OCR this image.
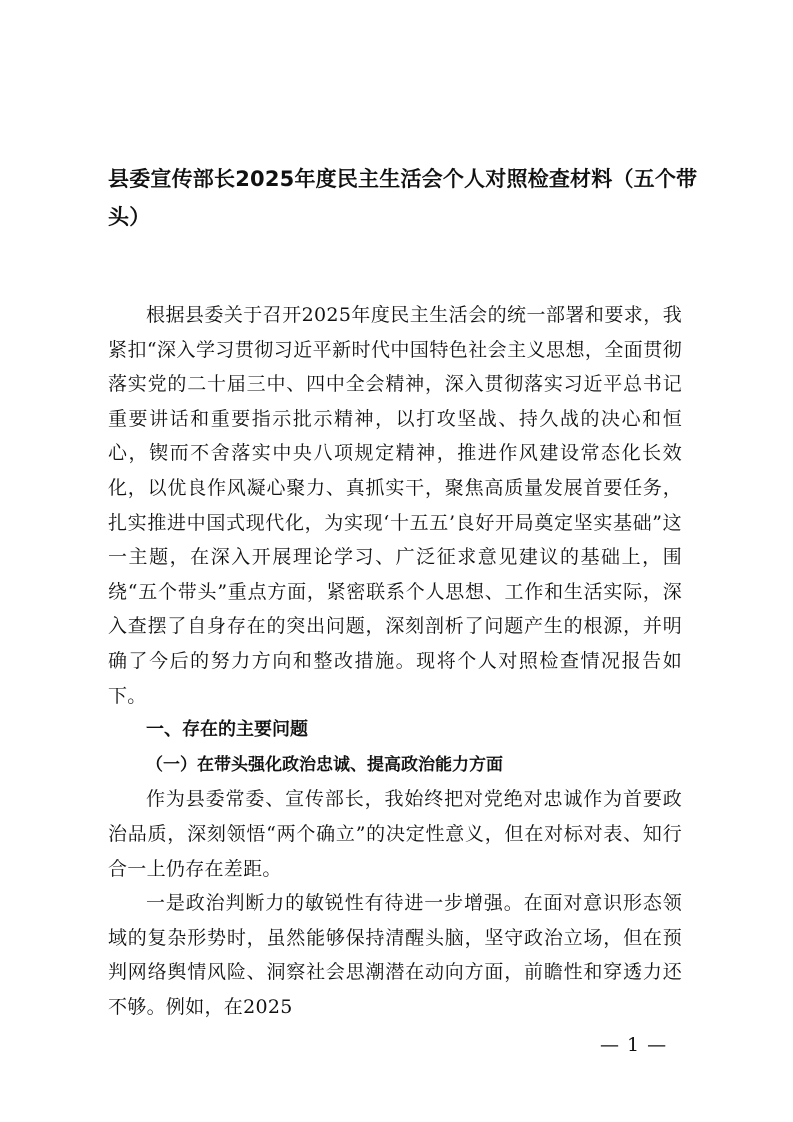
县委宣传部长2025年度民主生活会个人对照检查材料（五个带头）

根据县委关于召开2025年度民主生活会的统一部署和要求，我紧扣“深入学习贯彻习近平新时代中国特色社会主义思想，全面贯彻落实党的二十届三中、四中全会精神，深入贯彻落实习近平总书记重要讲话和重要指示批示精神，以打攻坚战、持久战的决心和恒心，锲而不舍落实中央八项规定精神，推进作风建设常态化长效化，以优良作风凝心聚力、真抓实干，聚焦高质量发展首要任务，扎实推进中国式现代化，为实现‘十五五’良好开局奠定坚实基础”这一主题，在深入开展理论学习、广泛征求意见建议的基础上，围绕“五个带头”重点方面，紧密联系个人思想、工作和生活实际，深入查摆了自身存在的突出问题，深刻剖析了问题产生的根源，并明确了今后的努力方向和整改措施。现将个人对照检查情况报告如下。

一、存在的主要问题

（一）在带头强化政治忠诚、提高政治能力方面

作为县委常委、宣传部长，我始终把对党绝对忠诚作为首要政治品质，深刻领悟“两个确立”的决定性意义，但在对标对表、知行合一上仍存在差距。

一是政治判断力的敏锐性有待进一步增强。在面对意识形态领域的复杂形势时，虽然能够保持清醒头脑，坚守政治立场，但在预判网络舆情风险、洞察社会思潮潜在动向方面，前瞻性和穿透力还不够。例如，在2025

— 1 —
